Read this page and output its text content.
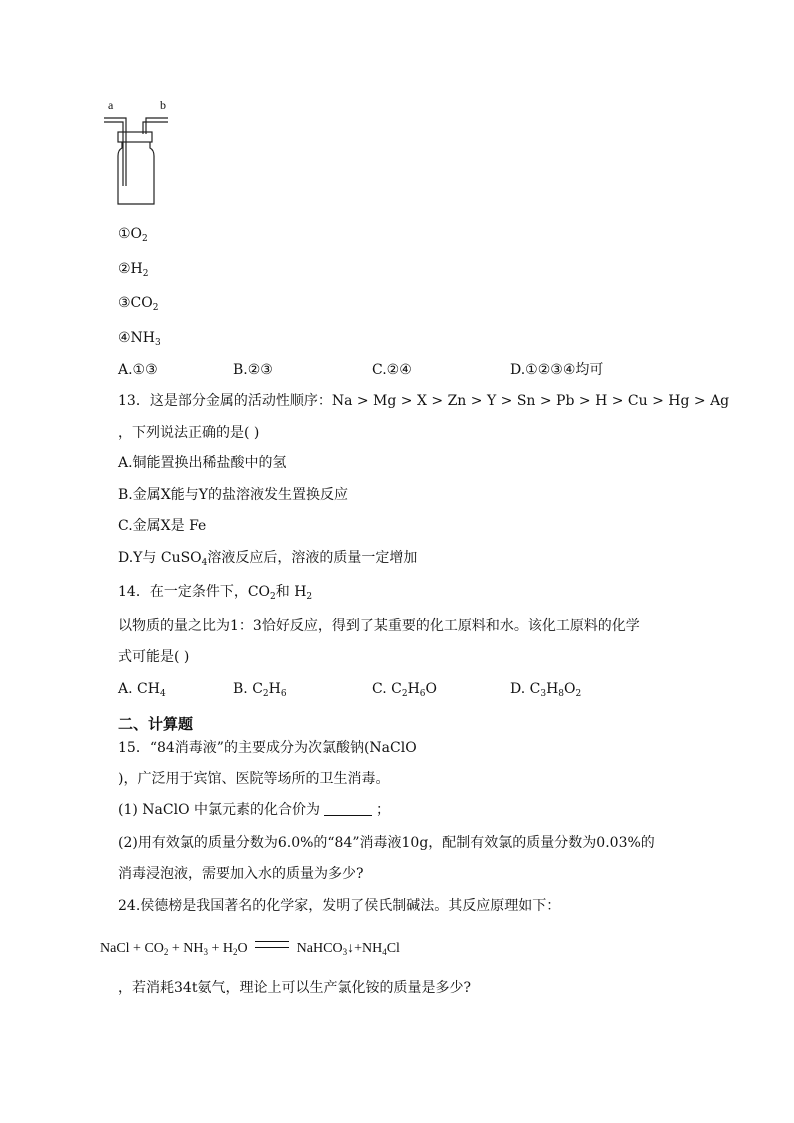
a	b
$①O_2$
$②H_2$
$③CO_2$
$④NH_3$
A.①③	B.②③	C.②④	D.①②③④均可
13．这是部分金属的活动性顺序：Na > Mg > X > Zn > Y > Sn > Pb > H > Cu > Hg > Ag
，下列说法正确的是( )
A.铜能置换出稀盐酸中的氢
B.金属X能与Y的盐溶液发生置换反应
C.金属X是 Fe
D.Y与 CuSO$_4$溶液反应后，溶液的质量一定增加
14．在一定条件下，$CO_2$和 $H_2$
以物质的量之比为1：3恰好反应，得到了某重要的化工原料和水。该化工原料的化学
式可能是( )
A. $CH_4$	B. $C_2H_6$	C. $C_2H_6O$	D. $C_3H_8O_2$
二、计算题
15．“84消毒液”的主要成分为次氯酸钠(NaClO
)，广泛用于宾馆、医院等场所的卫生消毒。
(1) NaClO 中氯元素的化合价为	；
(2)用有效氯的质量分数为6.0%的“84”消毒液10g，配制有效氯的质量分数为0.03%的
消毒浸泡液，需要加入水的质量为多少?
24.侯德榜是我国著名的化学家，发明了侯氏制碱法。其反应原理如下：
NaCl + $CO_2 + NH_3 + H_2O$	$NaHCO_3↓+NH_4Cl$
，若消耗34t氨气，理论上可以生产氯化铵的质量是多少?
